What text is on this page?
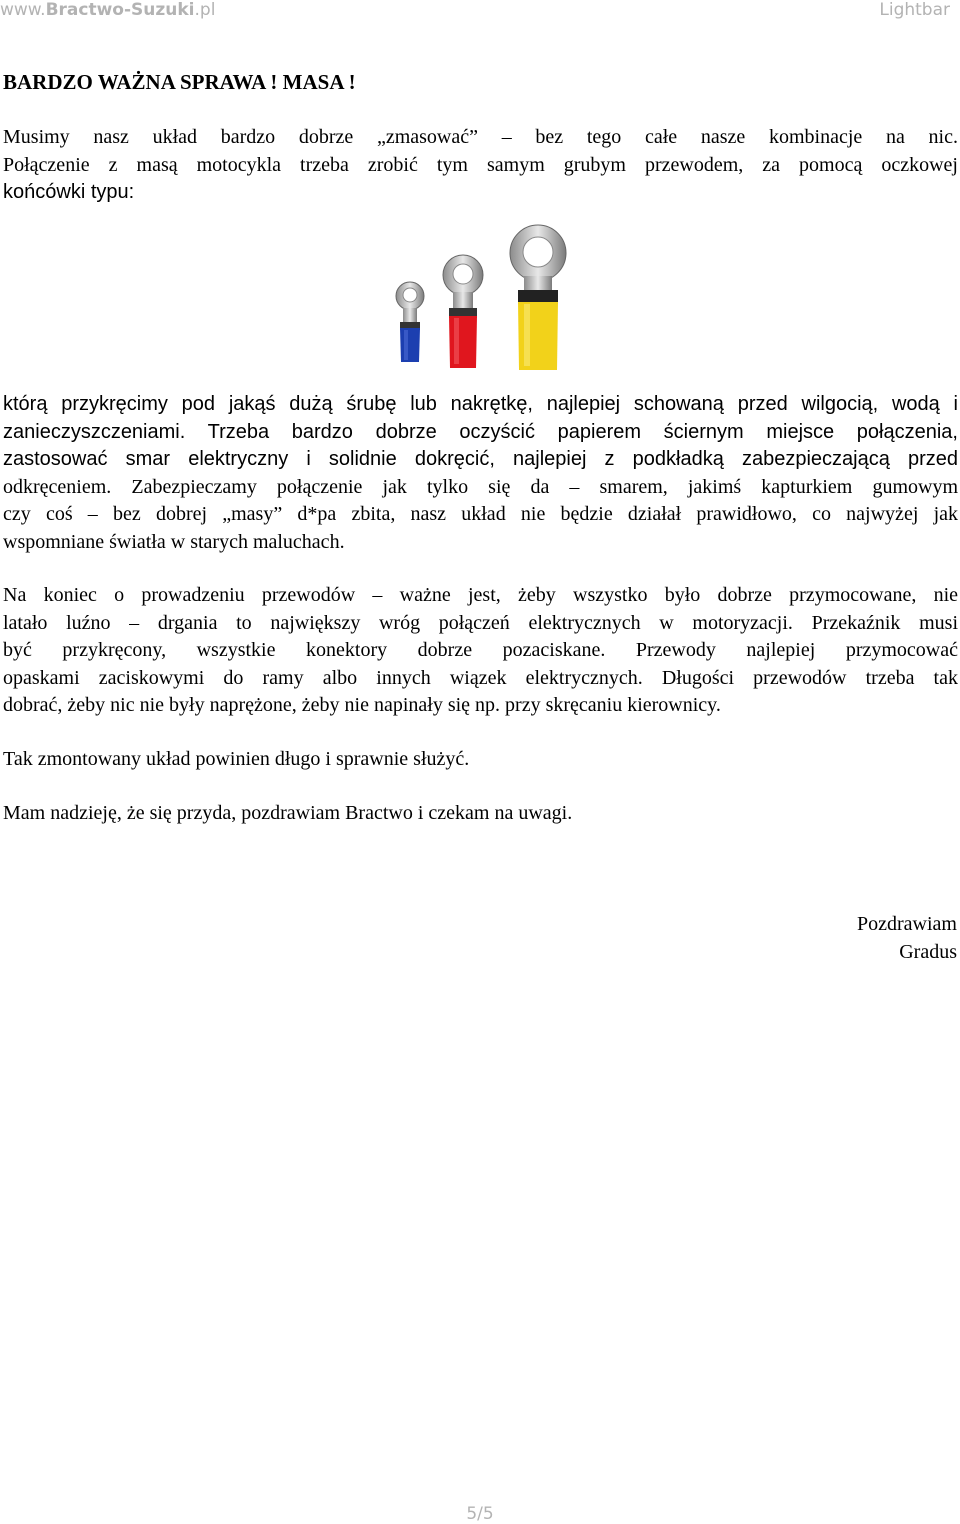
www.Bractwo-Suzuki.pl	Lightbar
BARDZO WAŻNA SPRAWA ! MASA !
Musimy nasz układ bardzo dobrze „zmasować” – bez tego całe nasze kombinacje na nic.
Połączenie z masą motocykla trzeba zrobić tym samym grubym przewodem, za pomocą oczkowej
końcówki typu:
którą przykręcimy pod jakąś dużą śrubę lub nakrętkę, najlepiej schowaną przed wilgocią, wodą i
zanieczyszczeniami. Trzeba bardzo dobrze oczyścić papierem ściernym miejsce połączenia,
zastosować smar elektryczny i solidnie dokręcić, najlepiej z podkładką zabezpieczającą przed
odkręceniem. Zabezpieczamy połączenie jak tylko się da – smarem, jakimś kapturkiem gumowym
czy coś – bez dobrej „masy” d*pa zbita, nasz układ nie będzie działał prawidłowo, co najwyżej jak
wspomniane światła w starych maluchach.
Na koniec o prowadzeniu przewodów – ważne jest, żeby wszystko było dobrze przymocowane, nie
latało luźno – drgania to największy wróg połączeń elektrycznych w motoryzacji. Przekaźnik musi
być przykręcony, wszystkie konektory dobrze pozaciskane. Przewody najlepiej przymocować
opaskami zaciskowymi do ramy albo innych wiązek elektrycznych. Długości przewodów trzeba tak
dobrać, żeby nic nie były naprężone, żeby nie napinały się np. przy skręcaniu kierownicy.
Tak zmontowany układ powinien długo i sprawnie służyć.
Mam nadzieję, że się przyda, pozdrawiam Bractwo i czekam na uwagi.
Pozdrawiam
Gradus
5/5
